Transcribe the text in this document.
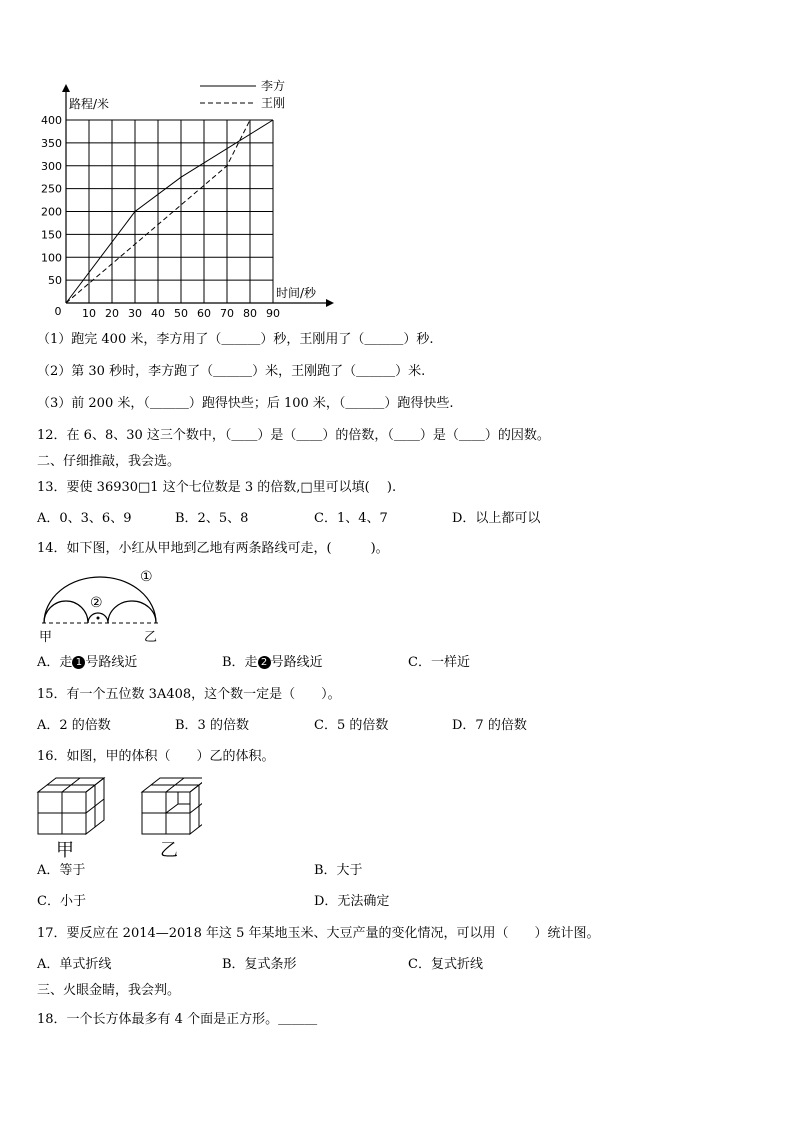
10 20 30 40 50 60 70 80 90
50
100
150
200
250
300
350
400
0
路程/米
时间/秒
李方
王刚
（1）跑完 400 米，李方用了（＿＿＿）秒，王刚用了（＿＿＿）秒.
（2）第 30 秒时，李方跑了（＿＿＿）米，王刚跑了（＿＿＿）米.
（3）前 200 米，（＿＿＿）跑得快些；后 100 米，（＿＿＿）跑得快些.
12．在 6、8、30 这三个数中，（＿＿）是（＿＿）的倍数，（＿＿）是（＿＿）的因数。
二、仔细推敲，我会选。
13．要使 36930□1 这个七位数是 3 的倍数,□里可以填(　 ).
A．0、3、6、9	B．2、5、8	C．1、4、7	D．以上都可以
14．如下图，小红从甲地到乙地有两条路线可走，(　　　)。
①
②
甲	乙
A．走 1 号路线近	B．走 2 号路线近	C．一样近
15．有一个五位数 3A408，这个数一定是（　　）。
A．2 的倍数	B．3 的倍数	C．5 的倍数	D．7 的倍数
16．如图，甲的体积（　　）乙的体积。
甲	乙
A．等于	B．大于
C．小于	D．无法确定
17．要反应在 2014—2018 年这 5 年某地玉米、大豆产量的变化情况，可以用（　　）统计图。
A．单式折线	B．复式条形	C．复式折线
三、火眼金睛，我会判。
18．一个长方体最多有 4 个面是正方形。＿＿＿
